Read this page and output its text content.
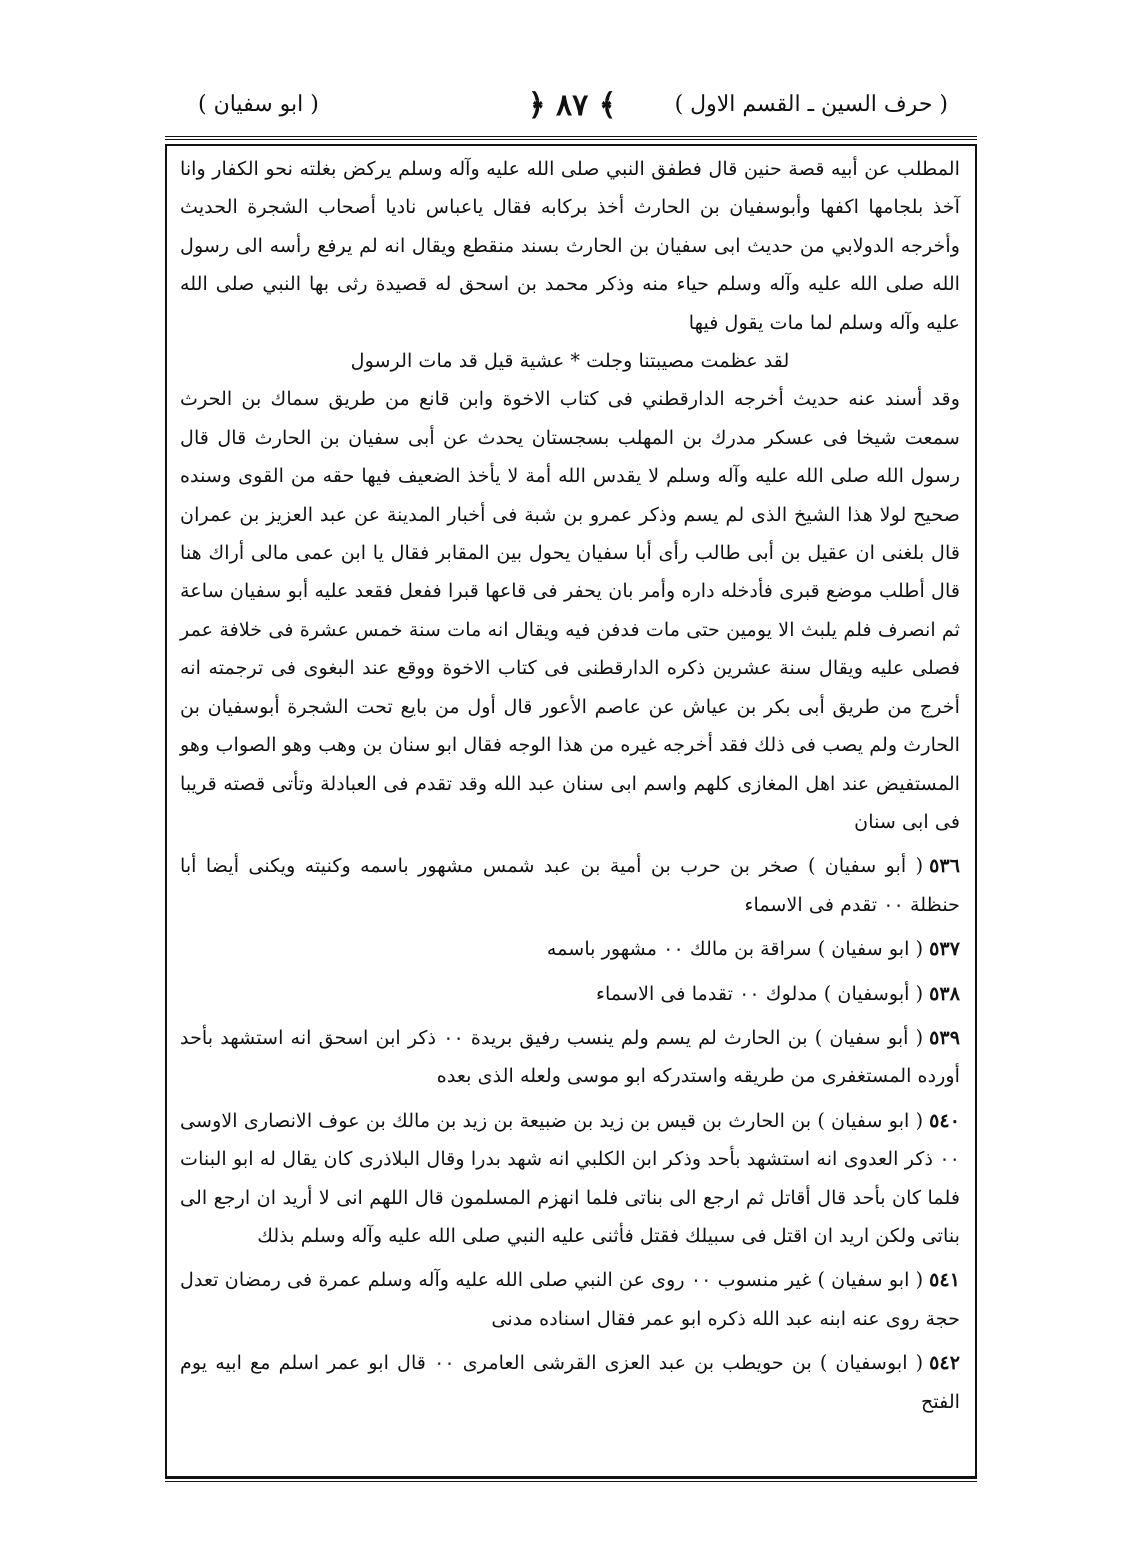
( حرف السين ـ القسم الاول )
﴿ ٨٧ ﴾
( ابو سفيان )

المطلب عن أبيه قصة حنين قال فطفق النبي صلى الله عليه وآله وسلم يركض بغلته نحو الكفار وانا آخذ بلجامها اكفها وأبوسفيان بن الحارث أخذ بركابه فقال ياعباس ناديا أصحاب الشجرة الحديث وأخرجه الدولابي من حديث ابى سفيان بن الحارث بسند منقطع ويقال انه لم يرفع رأسه الى رسول الله صلى الله عليه وآله وسلم حياء منه وذكر محمد بن اسحق له قصيدة رثى بها النبي صلى الله عليه وآله وسلم لما مات يقول فيها

لقد عظمت مصيبتنا وجلت * عشية قيل قد مات الرسول

وقد أسند عنه حديث أخرجه الدارقطني فى كتاب الاخوة وابن قانع من طريق سماك بن الحرث سمعت شيخا فى عسكر مدرك بن المهلب بسجستان يحدث عن أبى سفيان بن الحارث قال قال رسول الله صلى الله عليه وآله وسلم لا يقدس الله أمة لا يأخذ الضعيف فيها حقه من القوى وسنده صحيح لولا هذا الشيخ الذى لم يسم وذكر عمرو بن شبة فى أخبار المدينة عن عبد العزيز بن عمران قال بلغنى ان عقيل بن أبى طالب رأى أبا سفيان يحول بين المقابر فقال يا ابن عمى مالى أراك هنا قال أطلب موضع قبرى فأدخله داره وأمر بان يحفر فى قاعها قبرا ففعل فقعد عليه أبو سفيان ساعة ثم انصرف فلم يلبث الا يومين حتى مات فدفن فيه ويقال انه مات سنة خمس عشرة فى خلافة عمر فصلى عليه ويقال سنة عشرين ذكره الدارقطنى فى كتاب الاخوة ووقع عند البغوى فى ترجمته انه أخرج من طريق أبى بكر بن عياش عن عاصم الأعور قال أول من بايع تحت الشجرة أبوسفيان بن الحارث ولم يصب فى ذلك فقد أخرجه غيره من هذا الوجه فقال ابو سنان بن وهب وهو الصواب وهو المستفيض عند اهل المغازى كلهم واسم ابى سنان عبد الله وقد تقدم فى العبادلة وتأتى قصته قريبا فى ابى سنان

٥٣٦( أبو سفيان ) صخر بن حرب بن أمية بن عبد شمس مشهور باسمه وكنيته ويكنى أيضا أبا حنظلة ٠٠ تقدم فى الاسماء

٥٣٧( ابو سفيان ) سراقة بن مالك ٠٠ مشهور باسمه

٥٣٨( أبوسفيان ) مدلوك ٠٠ تقدما فى الاسماء

٥٣٩( أبو سفيان ) بن الحارث لم يسم ولم ينسب رفيق بريدة ٠٠ ذكر ابن اسحق انه استشهد بأحد أورده المستغفرى من طريقه واستدركه ابو موسى ولعله الذى بعده

٥٤٠( ابو سفيان ) بن الحارث بن قيس بن زيد بن ضبيعة بن زيد بن مالك بن عوف الانصارى الاوسى ٠٠ ذكر العدوى انه استشهد بأحد وذكر ابن الكلبي انه شهد بدرا وقال البلاذرى كان يقال له ابو البنات فلما كان بأحد قال أقاتل ثم ارجع الى بناتى فلما انهزم المسلمون قال اللهم انى لا أريد ان ارجع الى بناتى ولكن اريد ان اقتل فى سبيلك فقتل فأثنى عليه النبي صلى الله عليه وآله وسلم بذلك

٥٤١( ابو سفيان ) غير منسوب ٠٠ روى عن النبي صلى الله عليه وآله وسلم عمرة فى رمضان تعدل حجة روى عنه ابنه عبد الله ذكره ابو عمر فقال اسناده مدنى

٥٤٢( ابوسفيان ) بن حويطب بن عبد العزى القرشى العامرى ٠٠ قال ابو عمر اسلم مع ابيه يوم الفتح
